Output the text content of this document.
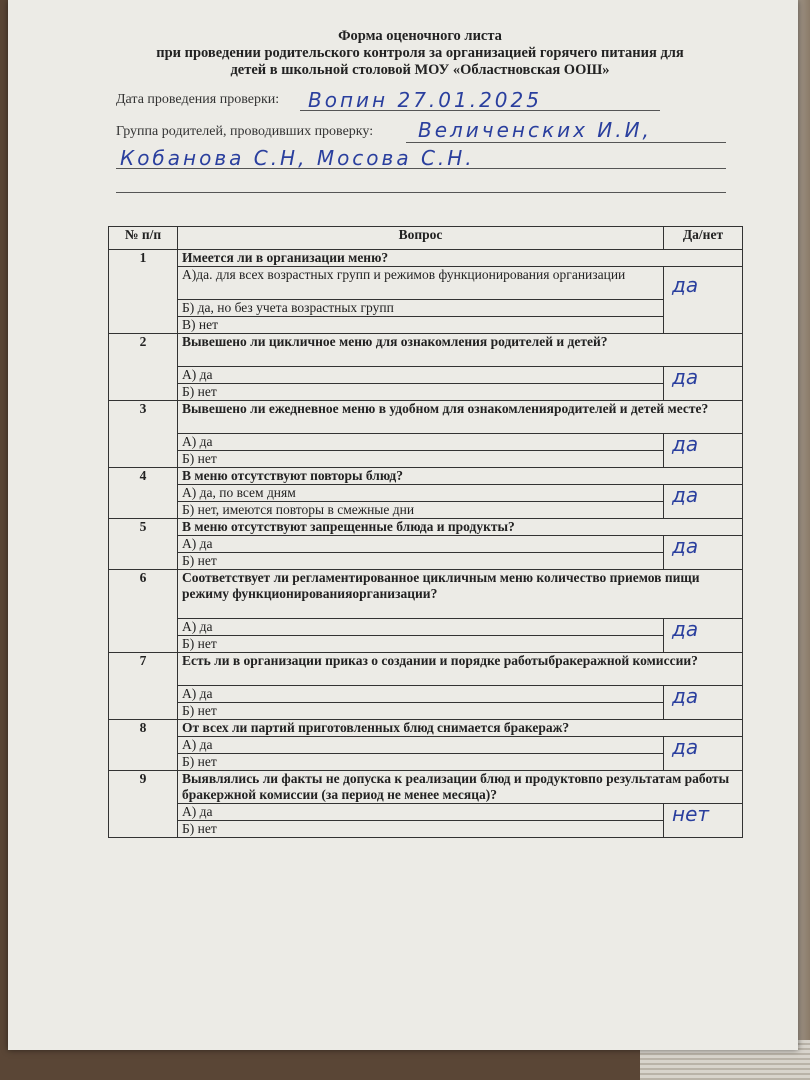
Форма оценочного листа
при проведении родительского контроля за организацией горячего питания для
детей в школьной столовой МОУ «Областновская ООШ»
Дата проведения проверки: Вопин 27.01.2025
Группа родителей, проводивших проверку: Величенских И.И,
Кобанова С.Н, Мосова С.Н.
№ п/п	Вопрос	Да/нет
1	Имеется ли в организации меню?	
	А)да. для всех возрастных групп и режимов функционирования организации	да

	Б) да, но без учета возрастных групп	
	В) нет	
2	Вывешено ли цикличное меню для ознакомления родителей и детей?	
	А) да	да

	Б) нет	
3	Вывешено ли ежедневное меню в удобном для ознакомленияродителей и детей месте?	
	А) да	да

	Б) нет	
4	В меню отсутствуют повторы блюд?	
	А) да, по всем дням	да

	Б) нет, имеются повторы в смежные дни	
5	В меню отсутствуют запрещенные блюда и продукты?	
	А) да	да

	Б) нет	
6	Соответствует ли регламентированное цикличным меню количество приемов пищи режиму функционированияорганизации?	
	А) да	да

	Б) нет	
7	Есть ли в организации приказ о создании и порядке работыбракеражной комиссии?	
	А) да	да

	Б) нет	
8	От всех ли партий приготовленных блюд снимается бракераж?	
	А) да	да

	Б) нет	
9	Выявлялись ли факты не допуска к реализации блюд и продуктовпо результатам работы бракержной комиссии (за период не менее месяца)?	
	А) да	нет

	Б) нет	
